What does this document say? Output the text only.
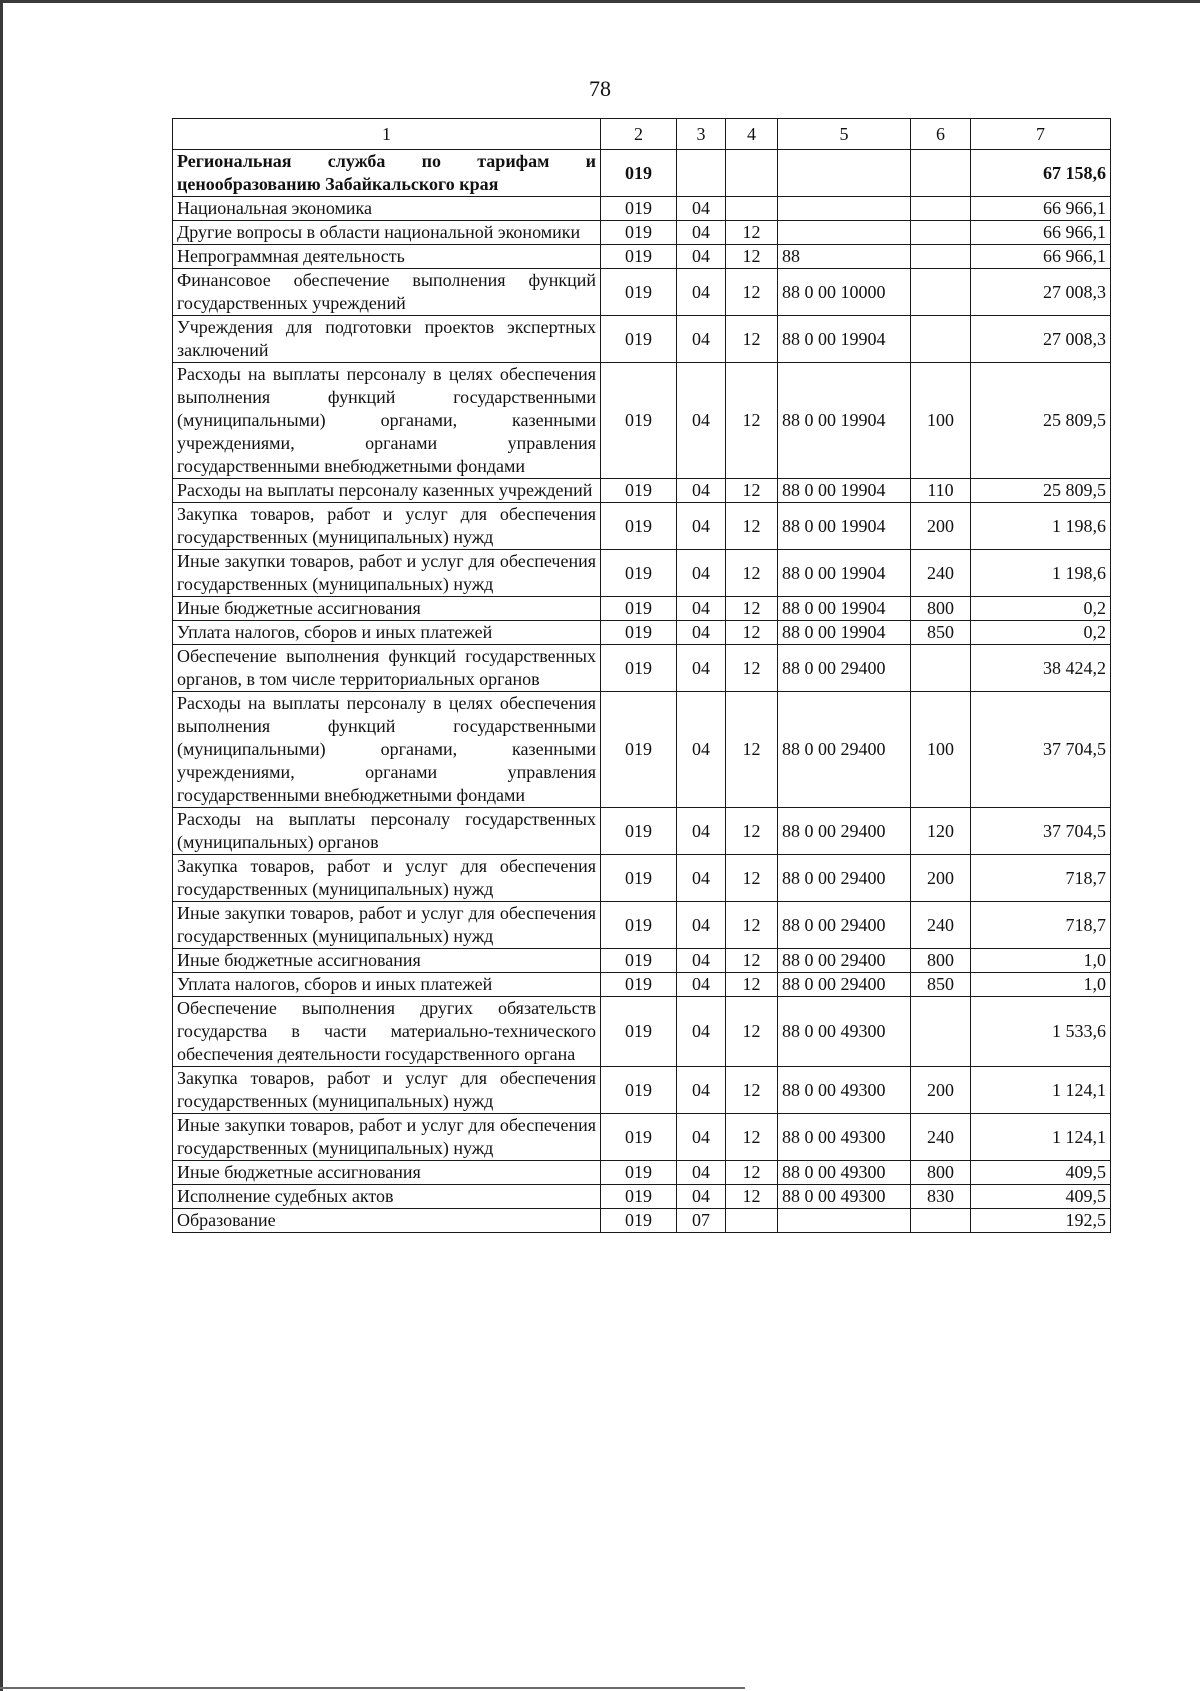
78
1	2	3	4	5	6	7
Региональная служба по тарифам и ценообразованию Забайкальского края	019					67 158,6
Национальная экономика	019	04				66 966,1
Другие вопросы в области национальной экономики	019	04	12			66 966,1
Непрограммная деятельность	019	04	12	88		66 966,1
Финансовое обеспечение выполнения функций государственных учреждений	019	04	12	88 0 00 10000		27 008,3
Учреждения для подготовки проектов экспертных заключений	019	04	12	88 0 00 19904		27 008,3
Расходы на выплаты персоналу в целях обеспечения выполнения функций государственными (муниципальными) органами, казенными учреждениями, органами управления государственными внебюджетными фондами	019	04	12	88 0 00 19904	100	25 809,5
Расходы на выплаты персоналу казенных учреждений	019	04	12	88 0 00 19904	110	25 809,5
Закупка товаров, работ и услуг для обеспечения государственных (муниципальных) нужд	019	04	12	88 0 00 19904	200	1 198,6
Иные закупки товаров, работ и услуг для обеспечения государственных (муниципальных) нужд	019	04	12	88 0 00 19904	240	1 198,6
Иные бюджетные ассигнования	019	04	12	88 0 00 19904	800	0,2
Уплата налогов, сборов и иных платежей	019	04	12	88 0 00 19904	850	0,2
Обеспечение выполнения функций государственных органов, в том числе территориальных органов	019	04	12	88 0 00 29400		38 424,2
Расходы на выплаты персоналу в целях обеспечения выполнения функций государственными (муниципальными) органами, казенными учреждениями, органами управления государственными внебюджетными фондами	019	04	12	88 0 00 29400	100	37 704,5
Расходы на выплаты персоналу государственных (муниципальных) органов	019	04	12	88 0 00 29400	120	37 704,5
Закупка товаров, работ и услуг для обеспечения государственных (муниципальных) нужд	019	04	12	88 0 00 29400	200	718,7
Иные закупки товаров, работ и услуг для обеспечения государственных (муниципальных) нужд	019	04	12	88 0 00 29400	240	718,7
Иные бюджетные ассигнования	019	04	12	88 0 00 29400	800	1,0
Уплата налогов, сборов и иных платежей	019	04	12	88 0 00 29400	850	1,0
Обеспечение выполнения других обязательств государства в части материально-технического обеспечения деятельности государственного органа	019	04	12	88 0 00 49300		1 533,6
Закупка товаров, работ и услуг для обеспечения государственных (муниципальных) нужд	019	04	12	88 0 00 49300	200	1 124,1
Иные закупки товаров, работ и услуг для обеспечения государственных (муниципальных) нужд	019	04	12	88 0 00 49300	240	1 124,1
Иные бюджетные ассигнования	019	04	12	88 0 00 49300	800	409,5
Исполнение судебных актов	019	04	12	88 0 00 49300	830	409,5
Образование	019	07				192,5
